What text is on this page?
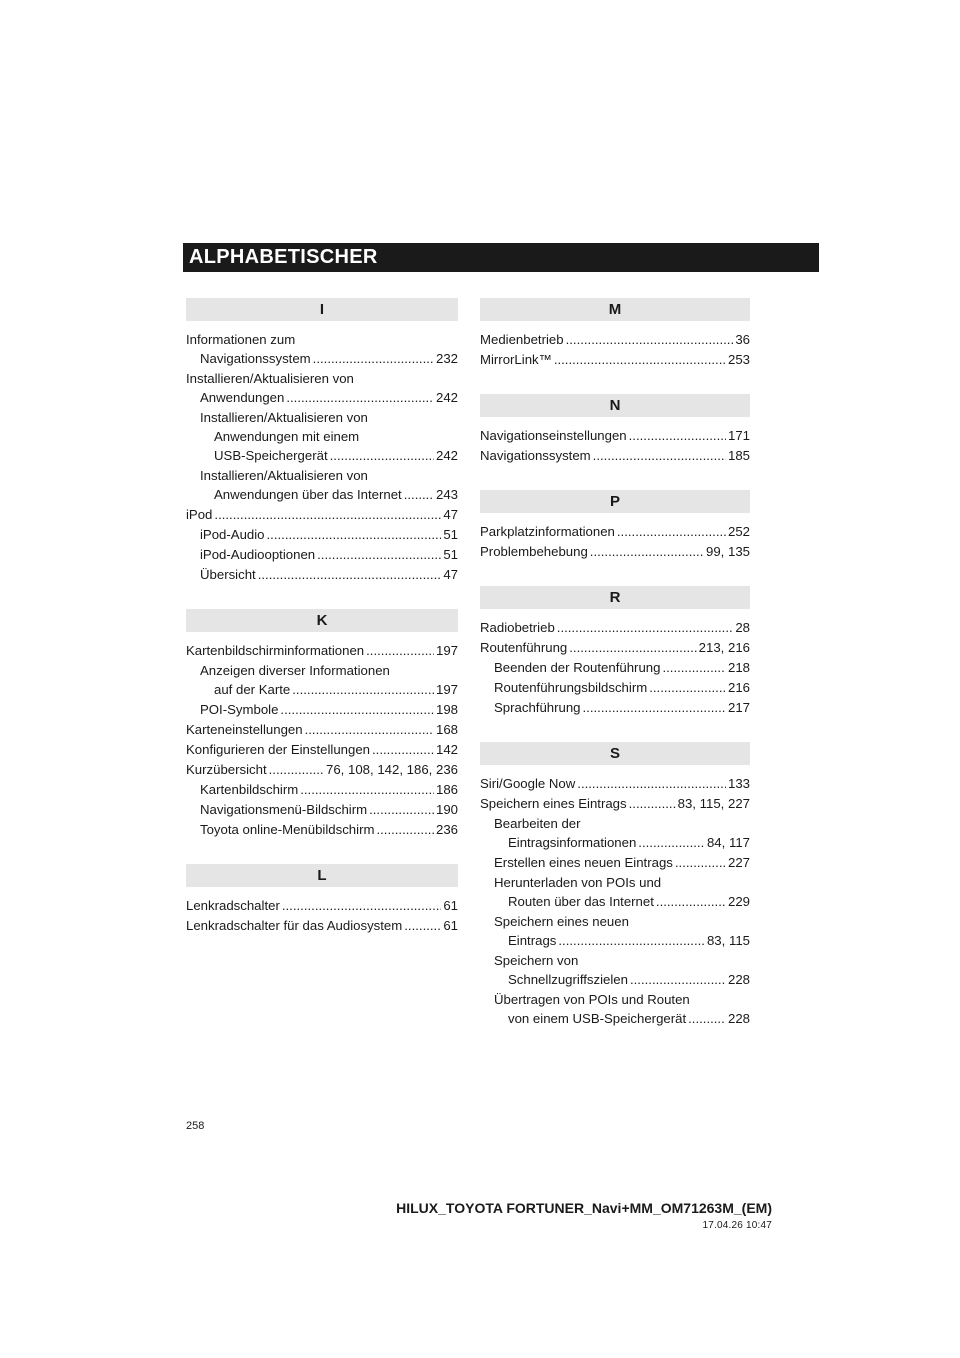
ALPHABETISCHER
I
Informationen zum
Navigationssystem .....	232
Installieren/Aktualisieren von
Anwendungen .....	242
Installieren/Aktualisieren von
Anwendungen mit einem
USB-Speichergerät .....	242
Installieren/Aktualisieren von
Anwendungen über das Internet .....	243
iPod .....	47
iPod-Audio .....	51
iPod-Audiooptionen .....	51
Übersicht .....	47
K
Kartenbildschirminformationen .....	197
Anzeigen diverser Informationen
auf der Karte .....	197
POI-Symbole .....	198
Karteneinstellungen .....	168
Konfigurieren der Einstellungen .....	142
Kurzübersicht .....	76, 108, 142, 186, 236
Kartenbildschirm .....	186
Navigationsmenü-Bildschirm .....	190
Toyota online-Menübildschirm .....	236
L
Lenkradschalter .....	61
Lenkradschalter für das Audiosystem .....	61
M
Medienbetrieb .....	36
MirrorLink™ .....	253
N
Navigationseinstellungen .....	171
Navigationssystem .....	185
P
Parkplatzinformationen .....	252
Problembehebung .....	99, 135
R
Radiobetrieb .....	28
Routenführung .....	213, 216
Beenden der Routenführung .....	218
Routenführungsbildschirm .....	216
Sprachführung .....	217
S
Siri/Google Now .....	133
Speichern eines Eintrags .....	83, 115, 227
Bearbeiten der
Eintragsinformationen .....	84, 117
Erstellen eines neuen Eintrags .....	227
Herunterladen von POIs und
Routen über das Internet .....	229
Speichern eines neuen
Eintrags .....	83, 115
Speichern von
Schnellzugriffszielen .....	228
Übertragen von POIs und Routen
von einem USB-Speichergerät .....	228
258
HILUX_TOYOTA FORTUNER_Navi+MM_OM71263M_(EM)
17.04.26 10:47
